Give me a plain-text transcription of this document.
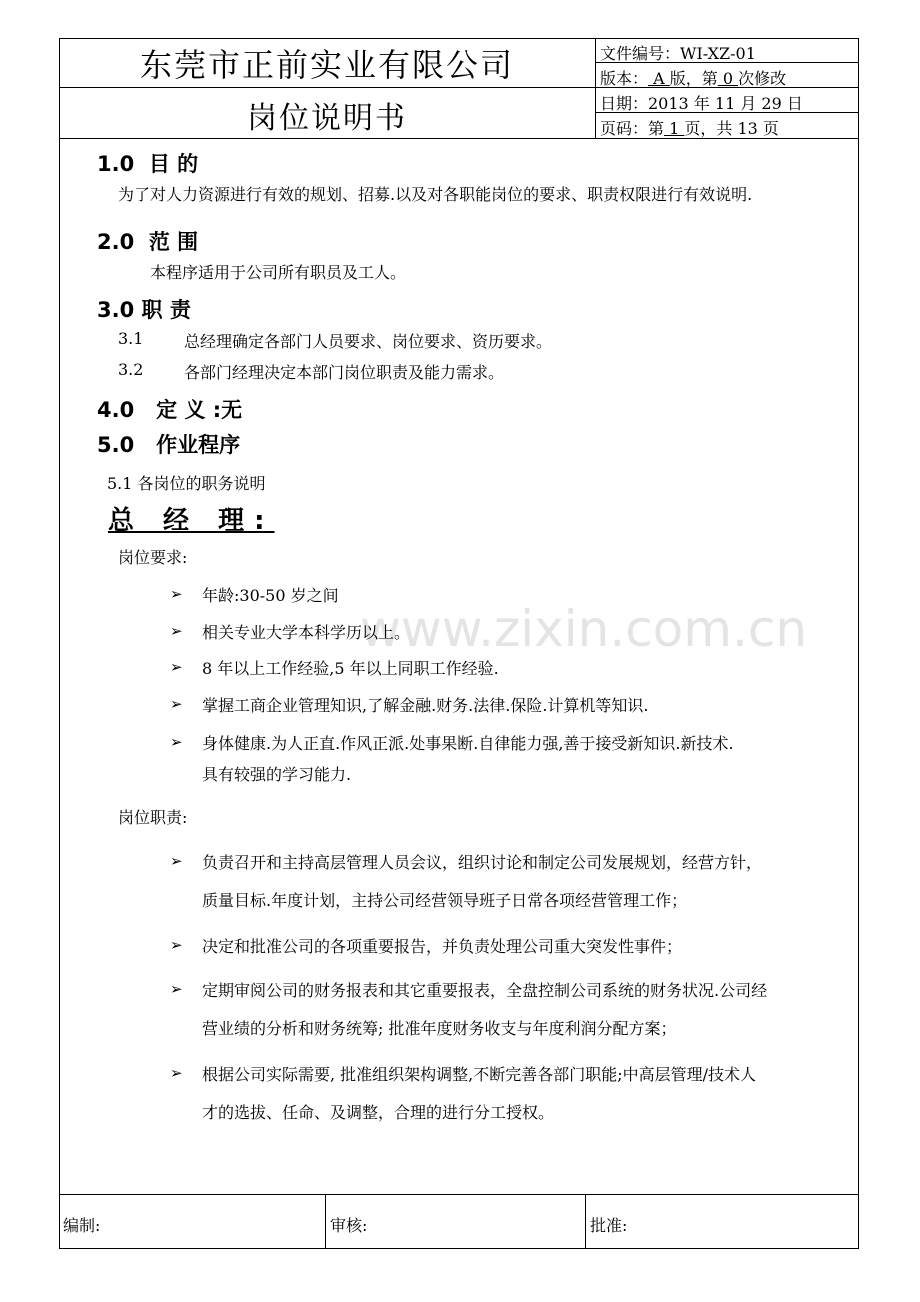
东莞市正前实业有限公司
岗位说明书
文件编号：WI-XZ-01
版本： A 版，第 0 次修改
日期：2013 年 11 月 29 日
页码：第 1 页，共 13 页
www.zixin.com.cn
1.0  目 的
为了对人力资源进行有效的规划、招募.以及对各职能岗位的要求、职责权限进行有效说明.
2.0  范 围
本程序适用于公司所有职员及工人。
3.0 职 责
3.1	总经理确定各部门人员要求、岗位要求、资历要求。
3.2	各部门经理决定本部门岗位职责及能力需求。
4.0   定 义 :无
5.0   作业程序
5.1 各岗位的职务说明
总 经 理:
岗位要求:
➢ 年龄:30-50 岁之间
➢ 相关专业大学本科学历以上。
➢ 8 年以上工作经验,5 年以上同职工作经验.
➢ 掌握工商企业管理知识,了解金融.财务.法律.保险.计算机等知识.
➢ 身体健康.为人正直.作风正派.处事果断.自律能力强,善于接受新知识.新技术.
具有较强的学习能力.
岗位职责:
➢ 负责召开和主持高层管理人员会议，组织讨论和制定公司发展规划，经营方针，
质量目标.年度计划，主持公司经营领导班子日常各项经营管理工作；
➢ 决定和批准公司的各项重要报告，并负责处理公司重大突发性事件；
➢ 定期审阅公司的财务报表和其它重要报表，全盘控制公司系统的财务状况.公司经
营业绩的分析和财务统筹; 批准年度财务收支与年度利润分配方案；
➢ 根据公司实际需要, 批准组织架构调整,不断完善各部门职能;中高层管理/技术人
才的选拔、任命、及调整，合理的进行分工授权。
编制:	审核:	批准:
